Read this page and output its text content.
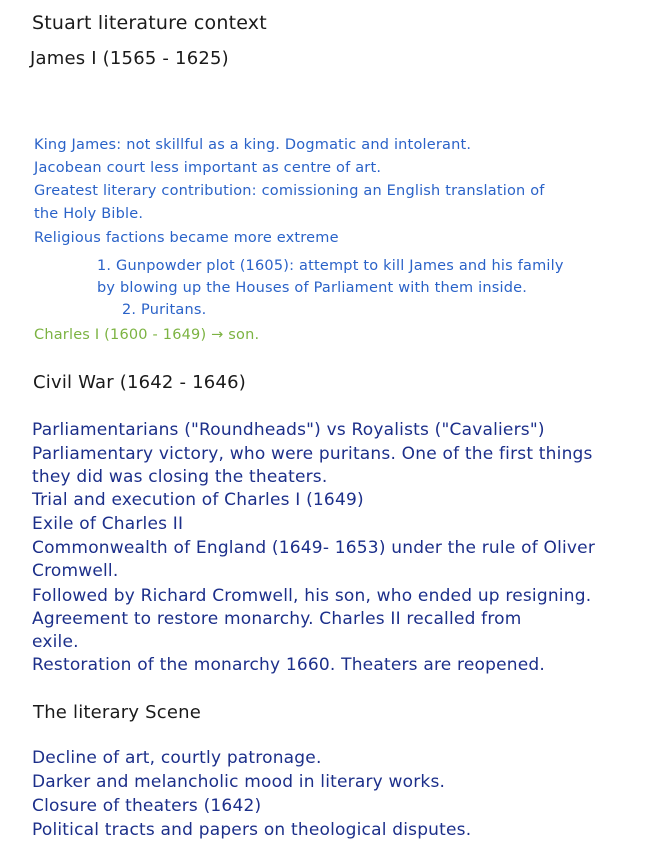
Stuart literature context
James I (1565 - 1625)
King James: not skillful as a king. Dogmatic and intolerant.
Jacobean court less important as centre of art.
Greatest literary contribution: comissioning an English translation of
the Holy Bible.
Religious factions became more extreme
1. Gunpowder plot (1605): attempt to kill James and his family
by blowing up the Houses of Parliament with them inside.
2. Puritans.
Charles I (1600 - 1649) → son.
Civil War (1642 - 1646)
Parliamentarians ("Roundheads") vs Royalists ("Cavaliers")
Parliamentary victory, who were puritans. One of the first things
they did was closing the theaters.
Trial and execution of Charles I (1649)
Exile of Charles II
Commonwealth of England (1649- 1653) under the rule of Oliver
Cromwell.
Followed by Richard Cromwell, his son, who ended up resigning.
Agreement to restore monarchy. Charles II recalled from
exile.
Restoration of the monarchy 1660. Theaters are reopened.
The literary Scene
Decline of art, courtly patronage.
Darker and melancholic mood in literary works.
Closure of theaters (1642)
Political tracts and papers on theological disputes.
